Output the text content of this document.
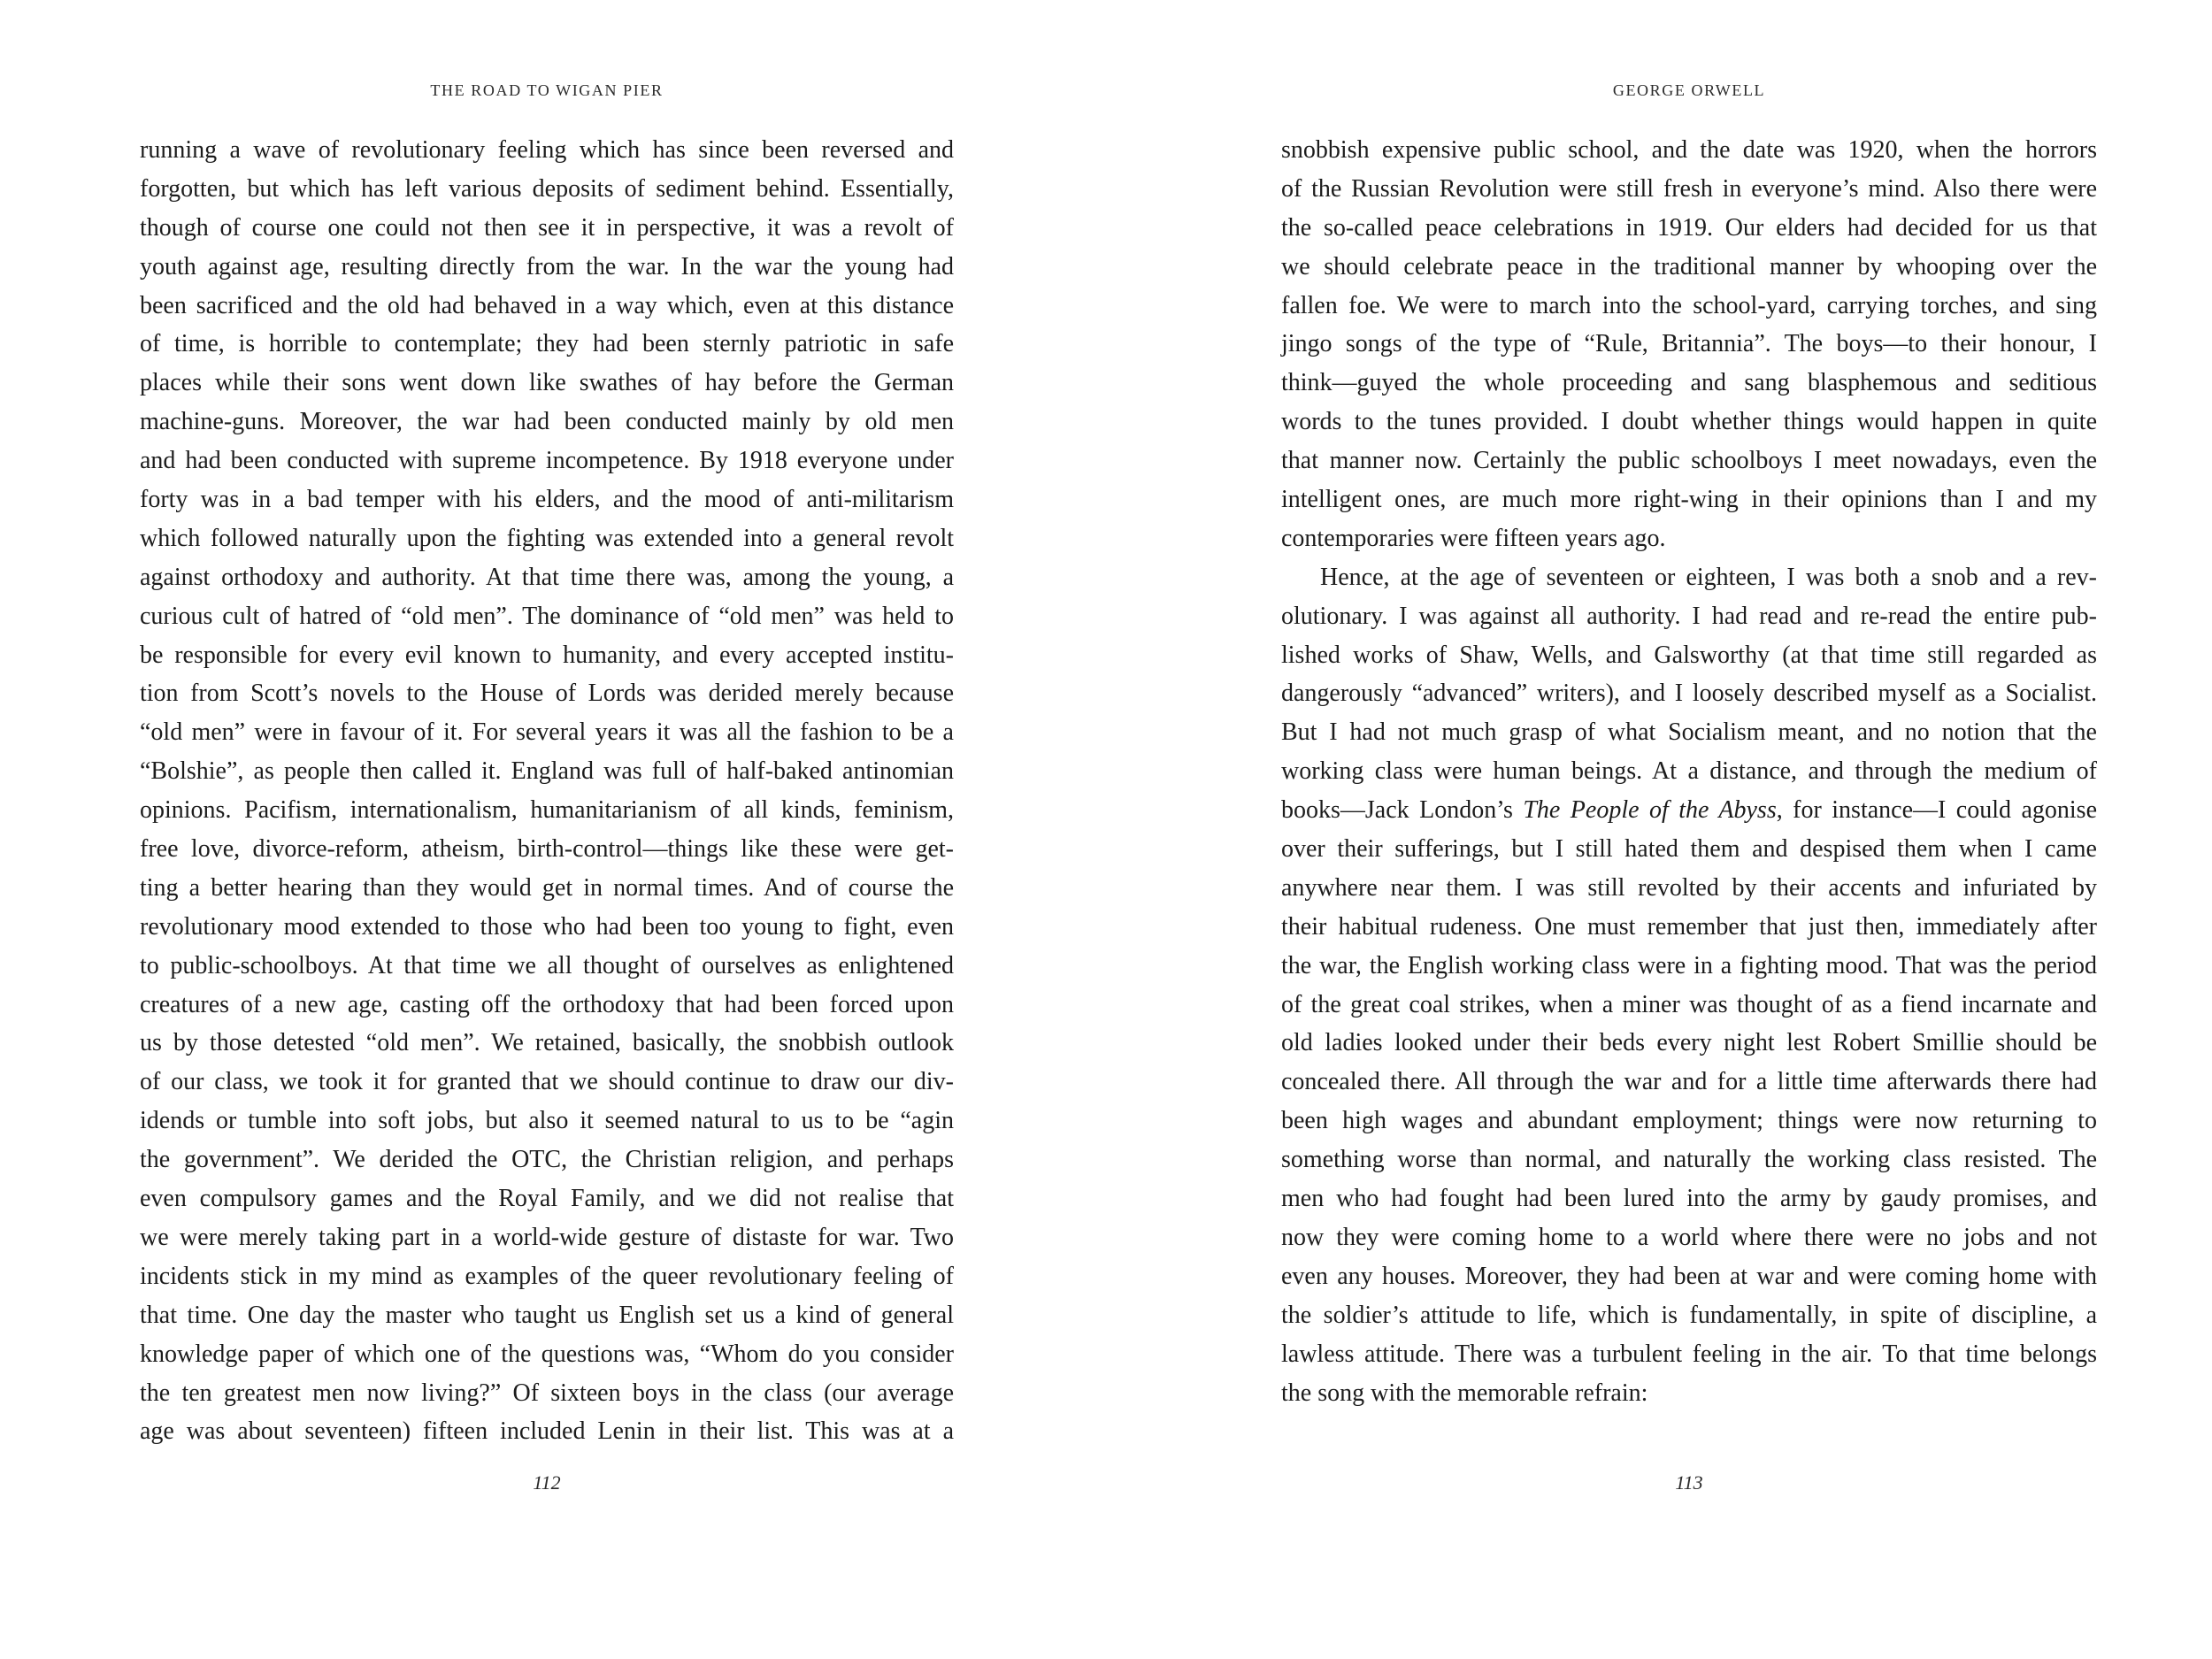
THE ROAD TO WIGAN PIER
running a wave of revolutionary feeling which has since been reversed and
forgotten, but which has left various deposits of sediment behind. Essentially,
though of course one could not then see it in perspective, it was a revolt of
youth against age, resulting directly from the war. In the war the young had
been sacrificed and the old had behaved in a way which, even at this distance
of time, is horrible to contemplate; they had been sternly patriotic in safe
places while their sons went down like swathes of hay before the German
machine-guns. Moreover, the war had been conducted mainly by old men
and had been conducted with supreme incompetence. By 1918 everyone under
forty was in a bad temper with his elders, and the mood of anti-militarism
which followed naturally upon the fighting was extended into a general revolt
against orthodoxy and authority. At that time there was, among the young, a
curious cult of hatred of “old men”. The dominance of “old men” was held to
be responsible for every evil known to humanity, and every accepted institu-
tion from Scott’s novels to the House of Lords was derided merely because
“old men” were in favour of it. For several years it was all the fashion to be a
“Bolshie”, as people then called it. England was full of half-baked antinomian
opinions. Pacifism, internationalism, humanitarianism of all kinds, feminism,
free love, divorce-reform, atheism, birth-control—things like these were get-
ting a better hearing than they would get in normal times. And of course the
revolutionary mood extended to those who had been too young to fight, even
to public-schoolboys. At that time we all thought of ourselves as enlightened
creatures of a new age, casting off the orthodoxy that had been forced upon
us by those detested “old men”. We retained, basically, the snobbish outlook
of our class, we took it for granted that we should continue to draw our div-
idends or tumble into soft jobs, but also it seemed natural to us to be “agin
the government”. We derided the OTC, the Christian religion, and perhaps
even compulsory games and the Royal Family, and we did not realise that
we were merely taking part in a world-wide gesture of distaste for war. Two
incidents stick in my mind as examples of the queer revolutionary feeling of
that time. One day the master who taught us English set us a kind of general
knowledge paper of which one of the questions was, “Whom do you consider
the ten greatest men now living?” Of sixteen boys in the class (our average
age was about seventeen) fifteen included Lenin in their list. This was at a
112
GEORGE ORWELL
snobbish expensive public school, and the date was 1920, when the horrors
of the Russian Revolution were still fresh in everyone’s mind. Also there were
the so-called peace celebrations in 1919. Our elders had decided for us that
we should celebrate peace in the traditional manner by whooping over the
fallen foe. We were to march into the school-yard, carrying torches, and sing
jingo songs of the type of “Rule, Britannia”. The boys—to their honour, I
think—guyed the whole proceeding and sang blasphemous and seditious
words to the tunes provided. I doubt whether things would happen in quite
that manner now. Certainly the public schoolboys I meet nowadays, even the
intelligent ones, are much more right-wing in their opinions than I and my
contemporaries were fifteen years ago.
Hence, at the age of seventeen or eighteen, I was both a snob and a rev-
olutionary. I was against all authority. I had read and re-read the entire pub-
lished works of Shaw, Wells, and Galsworthy (at that time still regarded as
dangerously “advanced” writers), and I loosely described myself as a Socialist.
But I had not much grasp of what Socialism meant, and no notion that the
working class were human beings. At a distance, and through the medium of
books—Jack London’s The People of the Abyss, for instance—I could agonise
over their sufferings, but I still hated them and despised them when I came
anywhere near them. I was still revolted by their accents and infuriated by
their habitual rudeness. One must remember that just then, immediately after
the war, the English working class were in a fighting mood. That was the period
of the great coal strikes, when a miner was thought of as a fiend incarnate and
old ladies looked under their beds every night lest Robert Smillie should be
concealed there. All through the war and for a little time afterwards there had
been high wages and abundant employment; things were now returning to
something worse than normal, and naturally the working class resisted. The
men who had fought had been lured into the army by gaudy promises, and
now they were coming home to a world where there were no jobs and not
even any houses. Moreover, they had been at war and were coming home with
the soldier’s attitude to life, which is fundamentally, in spite of discipline, a
lawless attitude. There was a turbulent feeling in the air. To that time belongs
the song with the memorable refrain:
113
